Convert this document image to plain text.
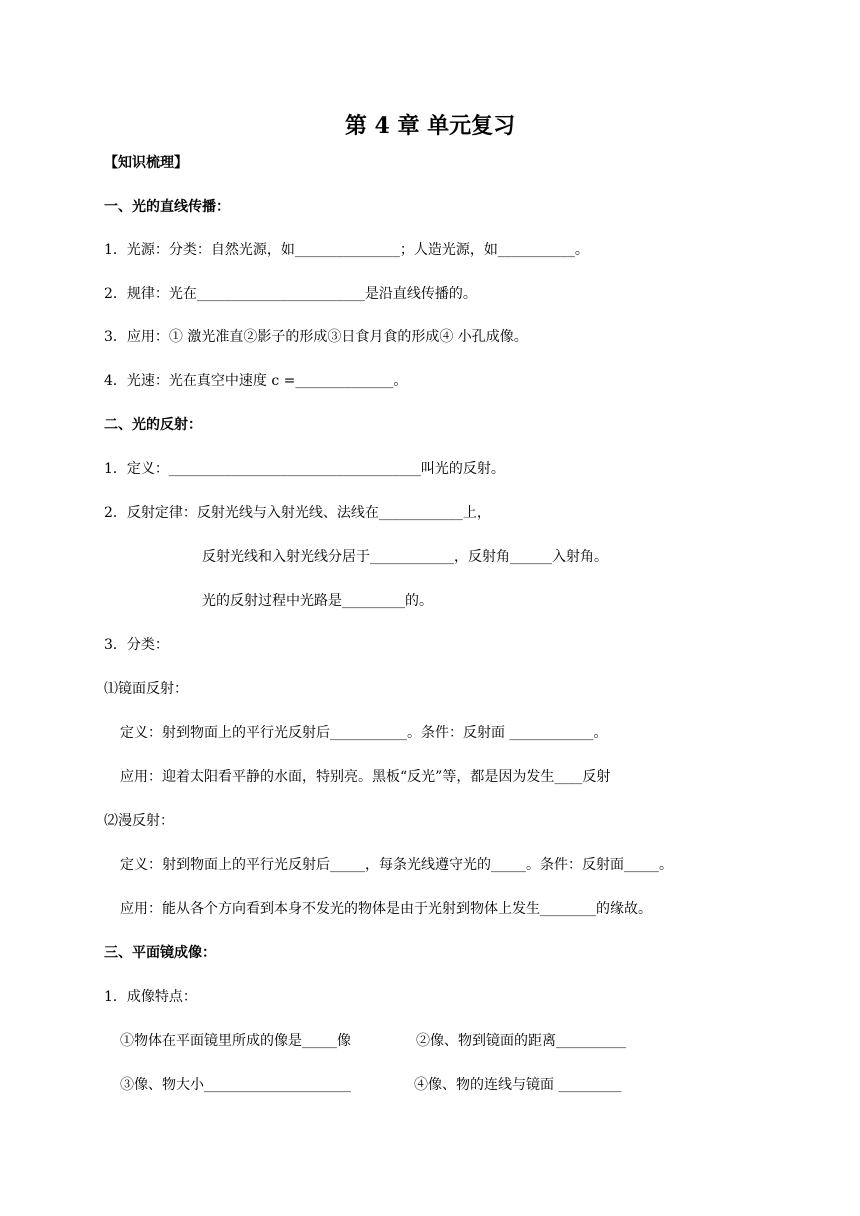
第 4 章 单元复习
【知识梳理】
一、光的直线传播：
1．光源：分类：自然光源，如_______________；人造光源，如___________。
2．规律：光在________________________是沿直线传播的。
3．应用：① 激光准直②影子的形成③日食月食的形成④ 小孔成像。
4．光速：光在真空中速度 c =______________。
二、光的反射：
1．定义：____________________________________叫光的反射。
2．反射定律：反射光线与入射光线、法线在____________上，
反射光线和入射光线分居于____________，反射角______入射角。
光的反射过程中光路是_________的。
3．分类：
⑴镜面反射：
定义：射到物面上的平行光反射后___________。条件：反射面 ____________。
应用：迎着太阳看平静的水面，特别亮。黑板“反光”等，都是因为发生____反射
⑵漫反射：
定义：射到物面上的平行光反射后_____，每条光线遵守光的_____。条件：反射面_____。
应用：能从各个方向看到本身不发光的物体是由于光射到物体上发生________的缘故。
三、平面镜成像：
1．成像特点：
①物体在平面镜里所成的像是_____像	②像、物到镜面的距离__________
③像、物大小_____________________	④像、物的连线与镜面 _________
